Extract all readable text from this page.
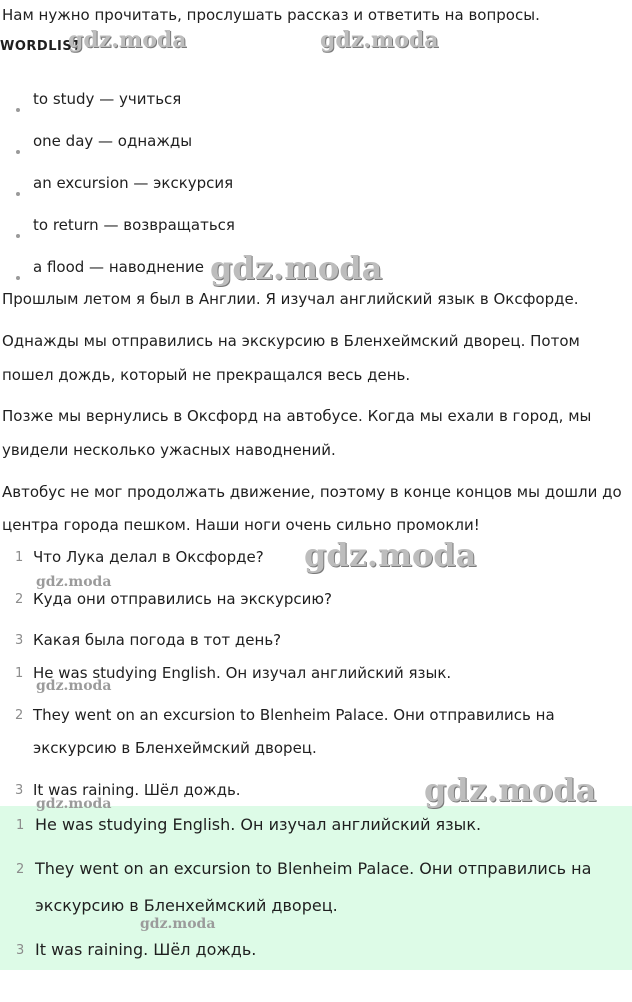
Нам нужно прочитать, прослушать рассказ и ответить на вопросы.
WORDLIST
to study — учиться
one day — однажды
an excursion — экскурсия
to return — возвращаться
a flood — наводнение
Прошлым летом я был в Англии. Я изучал английский язык в Оксфорде.
Однажды мы отправились на экскурсию в Бленхеймский дворец. Потом
пошел дождь, который не прекращался весь день.
Позже мы вернулись в Оксфорд на автобусе. Когда мы ехали в город, мы
увидели несколько ужасных наводнений.
Автобус не мог продолжать движение, поэтому в конце концов мы дошли до
центра города пешком. Наши ноги очень сильно промокли!
1 Что Лука делал в Оксфорде?
2 Куда они отправились на экскурсию?
3 Какая была погода в тот день?
1 He was studying English. Он изучал английский язык.
2 They went on an excursion to Blenheim Palace. Они отправились на
экскурсию в Бленхеймский дворец.
3 It was raining. Шёл дождь.
1 He was studying English. Он изучал английский язык.
2 They went on an excursion to Blenheim Palace. Они отправились на
экскурсию в Бленхеймский дворец.
3 It was raining. Шёл дождь.
gdz.moda	gdz.moda
gdz.moda
gdz.moda
gdz.moda
gdz.moda
gdz.moda
gdz.moda
gdz.moda
